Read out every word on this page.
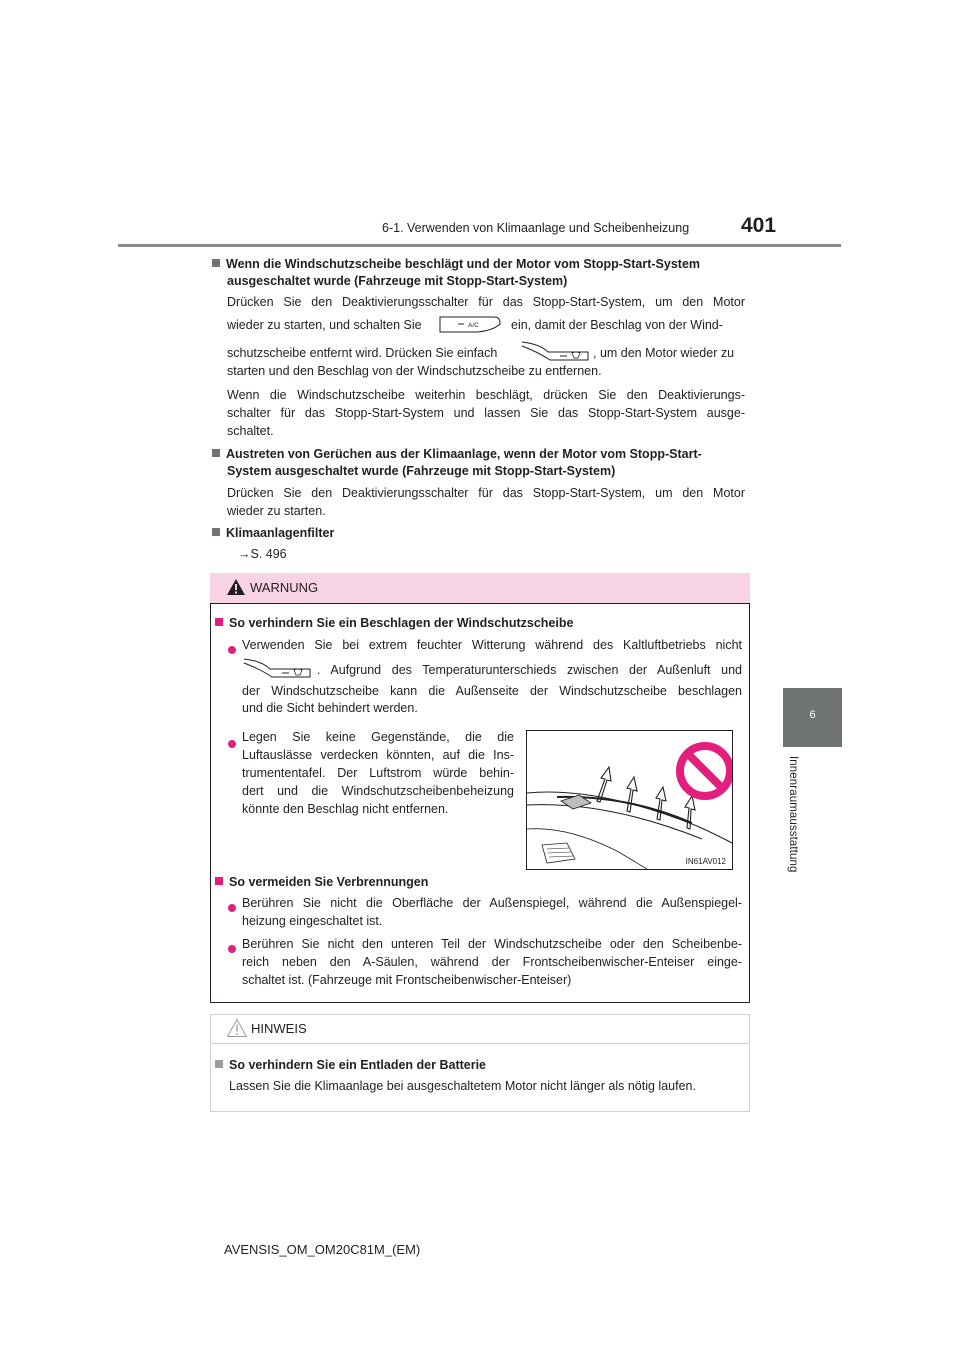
6-1. Verwenden von Klimaanlage und Scheibenheizung 401
6
Innenraumausstattung
Wenn die Windschutzscheibe beschlägt und der Motor vom Stopp-Start-System
ausgeschaltet wurde (Fahrzeuge mit Stopp-Start-System)
Drücken Sie den Deaktivierungsschalter für das Stopp-Start-System, um den Motor
wieder zu starten, und schalten Sie	A/C	ein, damit der Beschlag von der Wind-
schutzscheibe entfernt wird. Drücken Sie einfach	, um den Motor wieder zu
starten und den Beschlag von der Windschutzscheibe zu entfernen.
Wenn die Windschutzscheibe weiterhin beschlägt, drücken Sie den Deaktivierungs-
schalter für das Stopp-Start-System und lassen Sie das Stopp-Start-System ausge-
schaltet.
Austreten von Gerüchen aus der Klimaanlage, wenn der Motor vom Stopp-Start-
System ausgeschaltet wurde (Fahrzeuge mit Stopp-Start-System)
Drücken Sie den Deaktivierungsschalter für das Stopp-Start-System, um den Motor
wieder zu starten.
Klimaanlagenfilter
→S. 496
WARNUNG
So verhindern Sie ein Beschlagen der Windschutzscheibe
Verwenden Sie bei extrem feuchter Witterung während des Kaltluftbetriebs nicht
. Aufgrund des Temperaturunterschieds zwischen der Außenluft und
der Windschutzscheibe kann die Außenseite der Windschutzscheibe beschlagen
und die Sicht behindert werden.
Legen Sie keine Gegenstände, die die
Luftauslässe verdecken könnten, auf die Ins-
trumententafel. Der Luftstrom würde behin-
dert und die Windschutzscheibenbeheizung
könnte den Beschlag nicht entfernen.
IN61AV012
So vermeiden Sie Verbrennungen
Berühren Sie nicht die Oberfläche der Außenspiegel, während die Außenspiegel-
heizung eingeschaltet ist.
Berühren Sie nicht den unteren Teil der Windschutzscheibe oder den Scheibenbe-
reich neben den A-Säulen, während der Frontscheibenwischer-Enteiser einge-
schaltet ist. (Fahrzeuge mit Frontscheibenwischer-Enteiser)
HINWEIS
So verhindern Sie ein Entladen der Batterie
Lassen Sie die Klimaanlage bei ausgeschaltetem Motor nicht länger als nötig laufen.
AVENSIS_OM_OM20C81M_(EM)
